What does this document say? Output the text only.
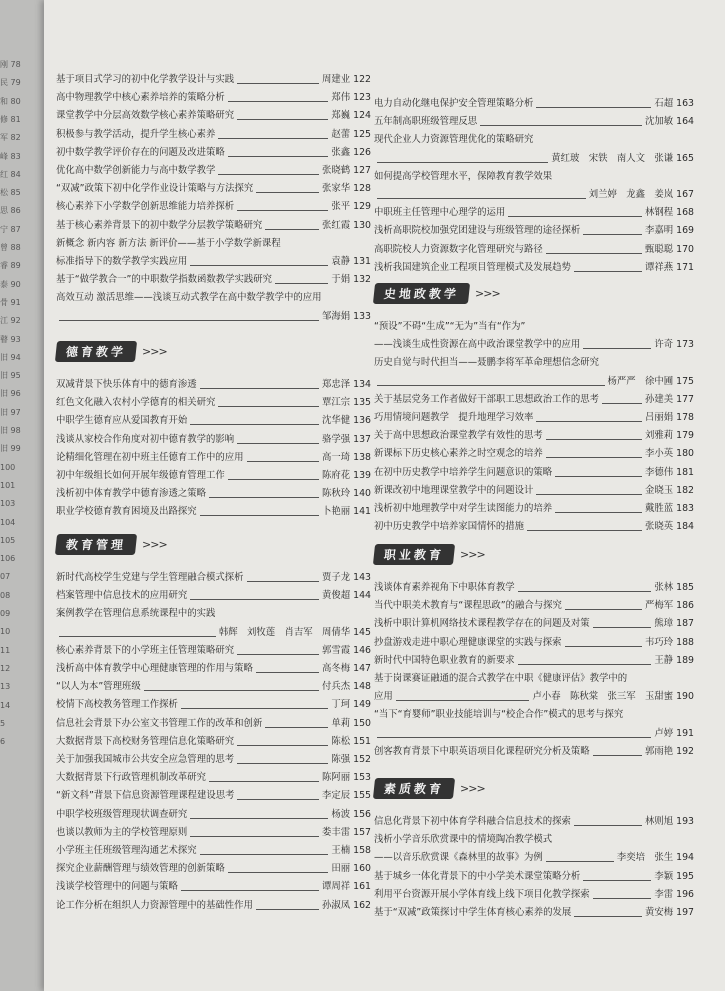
刚 78
民 79
和 80
修 81
军 82
峰 83
红 84
松 85
思 86
宁 87
曾 88
睿 89
泰 90
骨 91
江 92
瞽 93
旧 94
旧 95
旧 96
旧 97
旧 98
旧 99
100
101
103
104
105
106
07
08
09
10
11
12
13
14
5
6
基于项目式学习的初中化学教学设计与实践	周建业 122
高中物理教学中核心素养培养的策略分析	郑伟 123
课堂教学中分层高效数学核心素养策略研究	郑巍 124
积极参与教学活动，提升学生核心素养	赵蕾 125
初中数学教学评价存在的问题及改进策略	张鑫 126
优化高中数学创新能力与高中数学教学	张晓鹤 127
“双减”政策下初中化学作业设计策略与方法探究	张家华 128
核心素养下小学数学创新思维能力培养探析	张平 129
基于核心素养背景下的初中数学分层教学策略研究	张红霞 130
新概念 新内容 新方法 新评价——基于小学数学新课程
标准指导下的数学教学实践应用	袁静 131
基于“做学教合一”的中职数学指数函数教学实践研究	于娟 132
高效互动 激活思维——浅谈互动式教学在高中数学教学中的应用
邹海娟 133
德育教学	>>>
双减背景下快乐体育中的德育渗透	郑忠泽 134
红色文化融入农村小学德育的相关研究	覃江宗 135
中职学生德育应从爱国教育开始	沈华健 136
浅谈从家校合作角度对初中德育教学的影响	骆学强 137
论精细化管理在初中班主任德育工作中的应用	高一琦 138
初中年级组长如何开展年级德育管理工作	陈府花 139
浅析初中体育教学中德育渗透之策略	陈秋玲 140
职业学校德育教育困境及出路探究	卜艳丽 141
教育管理	>>>
新时代高校学生党建与学生管理融合模式探析	贾子龙 143
档案管理中信息技术的应用研究	黄俊超 144
案例教学在管理信息系统课程中的实践
韩辉　刘牧莲　肖吉军　周倩华 145
核心素养背景下的小学班主任管理策略研究	郭雪霞 146
浅析高中体育教学中心理健康管理的作用与策略	高冬梅 147
“以人为本”管理班级	付兵杰 148
校情下高校教务管理工作探析	丁珂 149
信息社会背景下办公室文书管理工作的改革和创新	单莉 150
大数据背景下高校财务管理信息化策略研究	陈松 151
关于加强我国城市公共安全应急管理的思考	陈强 152
大数据背景下行政管理机制改革研究	陈阿丽 153
“新文科”背景下信息资源管理课程建设思考	李定辰 155
中职学校班级管理现状调查研究	杨波 156
也谈以教师为主的学校管理原则	娄丰雷 157
小学班主任班级管理沟通艺术探究	王楠 158
探究企业薪酬管理与绩效管理的创新策略	田丽 160
浅谈学校管理中的问题与策略	谭周祥 161
论工作分析在组织人力资源管理中的基础性作用	孙淑凤 162
电力自动化继电保护安全管理策略分析	石超 163
五年制高职班级管理反思	沈加敏 164
现代企业人力资源管理优化的策略研究
黄红玻　宋铁　南人文　张谦 165
如何提高学校管理水平，保障教育教学效果
刘兰婷　龙鑫　姜岚 167
中职班主任管理中心理学的运用	林钢程 168
浅析高职院校加强党团建设与班级管理的途径探析	李嘉明 169
高职院校人力资源数字化管理研究与路径	甄聪聪 170
浅析我国建筑企业工程项目管理模式及发展趋势	谭祥燕 171
史地政教学	>>>
“预设”不碍“生成”“无为”当有“作为”
——浅谈生成性资源在高中政治课堂教学中的应用	许奇 173
历史自觉与时代担当——聂鹏李将军革命理想信念研究
杨严严　徐中圃 175
关于基层党务工作者做好干部职工思想政治工作的思考	孙建美 177
巧用情境问题教学　提升地理学习效率	吕丽娟 178
关于高中思想政治课堂教学有效性的思考	刘雅莉 179
新课标下历史核心素养之时空观念的培养	李小英 180
在初中历史教学中培养学生问题意识的策略	李德伟 181
新课改初中地理课堂教学中的问题设计	金晓玉 182
浅析初中地理教学中对学生读图能力的培养	戴胜蓝 183
初中历史教学中培养家国情怀的措施	张晓英 184
职业教育	>>>
浅谈体育素养视角下中职体育教学	张林 185
当代中职美术教育与“课程思政”的融合与探究	严梅军 186
浅析中职计算机网络技术课程教学存在的问题及对策	熊璋 187
抄盘游戏走进中职心理健康课堂的实践与探索	韦巧玲 188
新时代中国特色职业教育的新要求	王静 189
基于岗课赛证融通的混合式教学在中职《健康评估》教学中的
应用	卢小春　陈秋棠　张三军　玉甜蜜 190
“当下“育婴师”职业技能培训与“校企合作”模式的思考与探究
卢婷 191
创客教育背景下中职英语项目化课程研究分析及策略	郭雨艳 192
素质教育	>>>
信息化背景下初中体育学科融合信息技术的探索	林则旭 193
浅析小学音乐欣赏课中的情境陶冶教学模式
——以音乐欣赏课《森林里的故事》为例	李奕培　张生 194
基于城乡一体化背景下的中小学美术课堂策略分析	李颖 195
利用平台资源开展小学体育线上线下项目化教学探索	李雷 196
基于“双减”政策探讨中学生体育核心素养的发展	黄安梅 197
